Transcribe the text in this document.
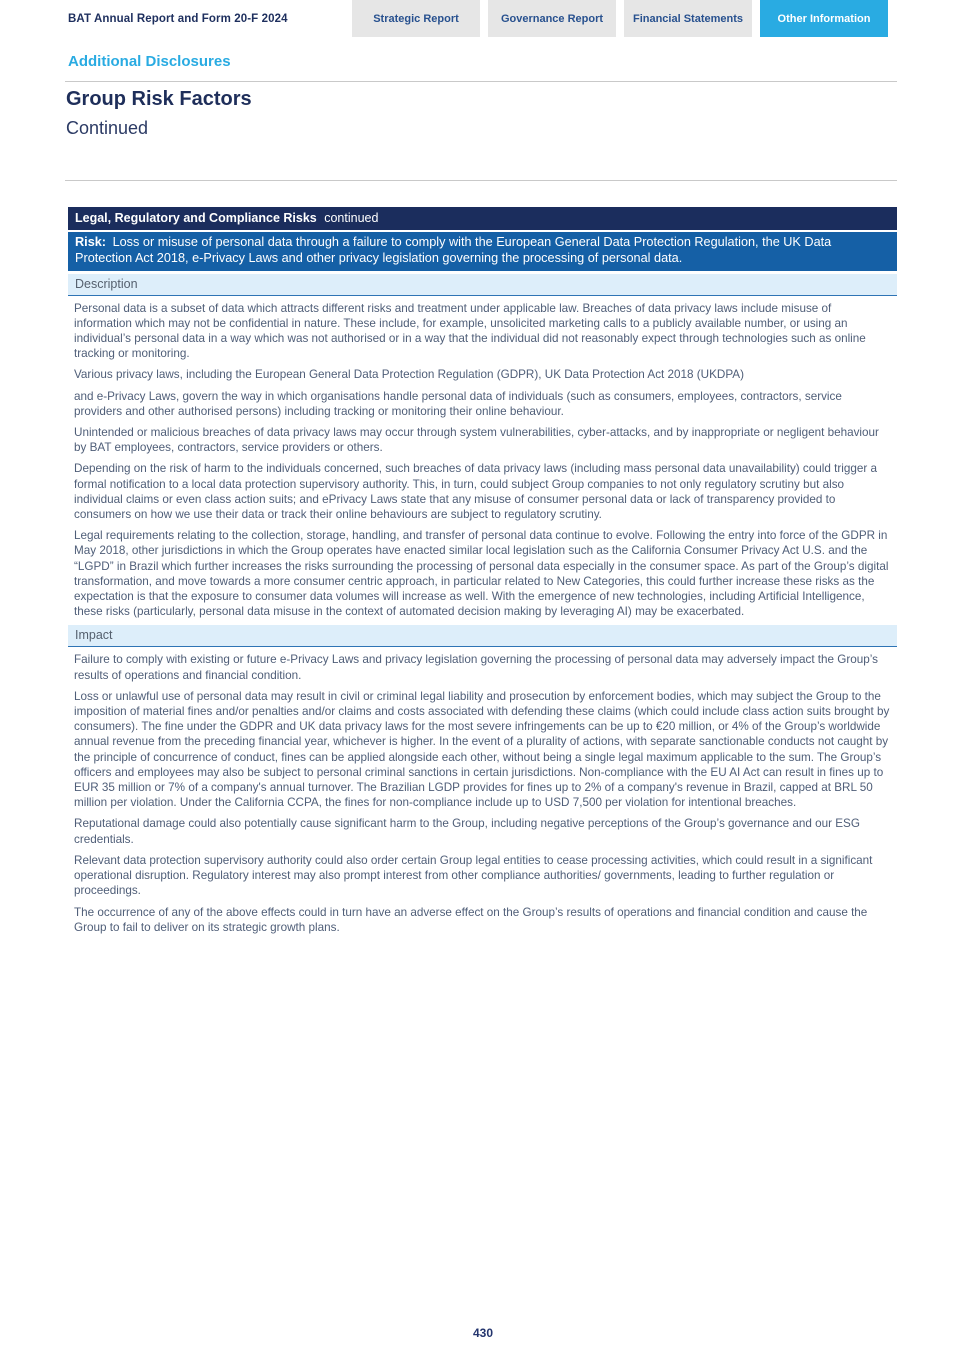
BAT Annual Report and Form 20-F 2024	Strategic Report	Governance Report	Financial Statements	Other Information
Additional Disclosures
Group Risk Factors
Continued
Legal, Regulatory and Compliance Risks continued
Risk: Loss or misuse of personal data through a failure to comply with the European General Data Protection Regulation, the UK Data Protection Act 2018, e-Privacy Laws and other privacy legislation governing the processing of personal data.
Description

Personal data is a subset of data which attracts different risks and treatment under applicable law. Breaches of data privacy laws include misuse of information which may not be confidential in nature. These include, for example, unsolicited marketing calls to a publicly available number, or using an individual’s personal data in a way which was not authorised or in a way that the individual did not reasonably expect through technologies such as online tracking or monitoring.

Various privacy laws, including the European General Data Protection Regulation (GDPR), UK Data Protection Act 2018 (UKDPA)

and e-Privacy Laws, govern the way in which organisations handle personal data of individuals (such as consumers, employees, contractors, service providers and other authorised persons) including tracking or monitoring their online behaviour.

Unintended or malicious breaches of data privacy laws may occur through system vulnerabilities, cyber-attacks, and by inappropriate or negligent behaviour by BAT employees, contractors, service providers or others.

Depending on the risk of harm to the individuals concerned, such breaches of data privacy laws (including mass personal data unavailability) could trigger a formal notification to a local data protection supervisory authority. This, in turn, could subject Group companies to not only regulatory scrutiny but also individual claims or even class action suits; and ePrivacy Laws state that any misuse of consumer personal data or lack of transparency provided to consumers on how we use their data or track their online behaviours are subject to regulatory scrutiny.

Legal requirements relating to the collection, storage, handling, and transfer of personal data continue to evolve. Following the entry into force of the GDPR in May 2018, other jurisdictions in which the Group operates have enacted similar local legislation such as the California Consumer Privacy Act U.S. and the “LGPD” in Brazil which further increases the risks surrounding the processing of personal data especially in the consumer space. As part of the Group’s digital transformation, and move towards a more consumer centric approach, in particular related to New Categories, this could further increase these risks as the expectation is that the exposure to consumer data volumes will increase as well. With the emergence of new technologies, including Artificial Intelligence, these risks (particularly, personal data misuse in the context of automated decision making by leveraging AI) may be exacerbated.

Impact

Failure to comply with existing or future e-Privacy Laws and privacy legislation governing the processing of personal data may adversely impact the Group’s results of operations and financial condition.

Loss or unlawful use of personal data may result in civil or criminal legal liability and prosecution by enforcement bodies, which may subject the Group to the imposition of material fines and/or penalties and/or claims and costs associated with defending these claims (which could include class action suits brought by consumers). The fine under the GDPR and UK data privacy laws for the most severe infringements can be up to €20 million, or 4% of the Group’s worldwide annual revenue from the preceding financial year, whichever is higher. In the event of a plurality of actions, with separate sanctionable conducts not caught by the principle of concurrence of conduct, fines can be applied alongside each other, without being a single legal maximum applicable to the sum. The Group’s officers and employees may also be subject to personal criminal sanctions in certain jurisdictions. Non-compliance with the EU AI Act can result in fines up to EUR 35 million or 7% of a company's annual turnover. The Brazilian LGDP provides for fines up to 2% of a company's revenue in Brazil, capped at BRL 50 million per violation. Under the California CCPA, the fines for non-compliance include up to USD 7,500 per violation for intentional breaches.

Reputational damage could also potentially cause significant harm to the Group, including negative perceptions of the Group’s governance and our ESG credentials.

Relevant data protection supervisory authority could also order certain Group legal entities to cease processing activities, which could result in a significant operational disruption. Regulatory interest may also prompt interest from other compliance authorities/ governments, leading to further regulation or proceedings.

The occurrence of any of the above effects could in turn have an adverse effect on the Group’s results of operations and financial condition and cause the Group to fail to deliver on its strategic growth plans.

430
